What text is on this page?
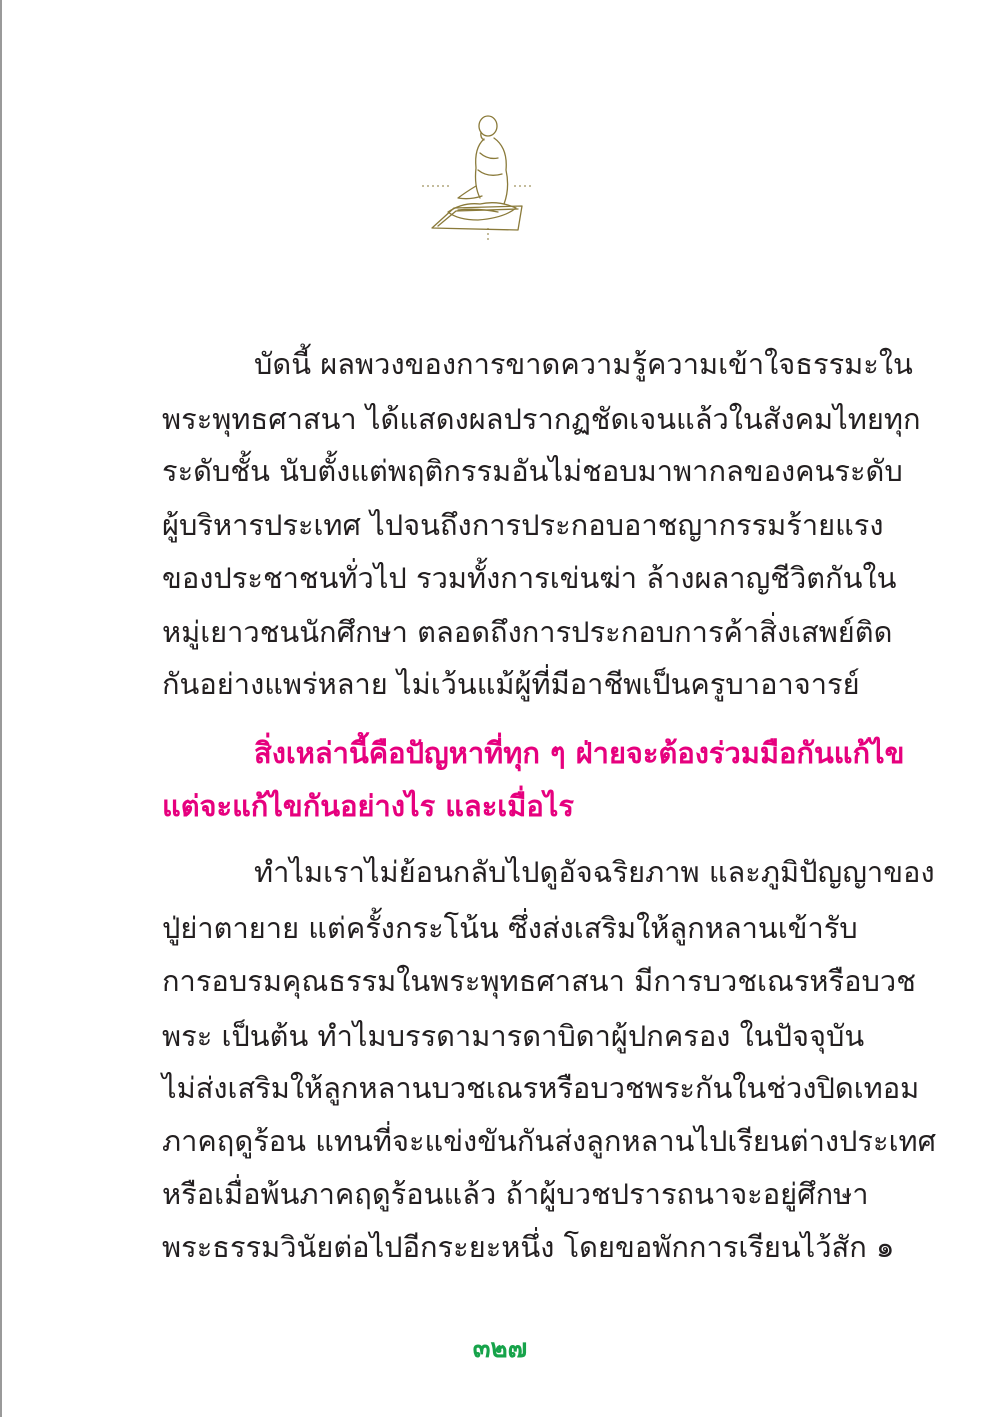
บัดนี้ ผลพวงของการขาดความรู้ความเข้าใจธรรมะใน
พระพุทธศาสนา ได้แสดงผลปรากฏชัดเจนแล้วในสังคมไทยทุก
ระดับชั้น นับตั้งแต่พฤติกรรมอันไม่ชอบมาพากลของคนระดับ
ผู้บริหารประเทศ ไปจนถึงการประกอบอาชญากรรมร้ายแรง
ของประชาชนทั่วไป รวมทั้งการเข่นฆ่า ล้างผลาญชีวิตกันใน
หมู่เยาวชนนักศึกษา ตลอดถึงการประกอบการค้าสิ่งเสพย์ติด
กันอย่างแพร่หลาย ไม่เว้นแม้ผู้ที่มีอาชีพเป็นครูบาอาจารย์
สิ่งเหล่านี้คือปัญหาที่ทุก ๆ ฝ่ายจะต้องร่วมมือกันแก้ไข
แต่จะแก้ไขกันอย่างไร และเมื่อไร
ทำไมเราไม่ย้อนกลับไปดูอัจฉริยภาพ และภูมิปัญญาของ
ปู่ย่าตายาย แต่ครั้งกระโน้น ซึ่งส่งเสริมให้ลูกหลานเข้ารับ
การอบรมคุณธรรมในพระพุทธศาสนา มีการบวชเณรหรือบวช
พระ เป็นต้น ทำไมบรรดามารดาบิดาผู้ปกครอง ในปัจจุบัน
ไม่ส่งเสริมให้ลูกหลานบวชเณรหรือบวชพระกันในช่วงปิดเทอม
ภาคฤดูร้อน แทนที่จะแข่งขันกันส่งลูกหลานไปเรียนต่างประเทศ
หรือเมื่อพ้นภาคฤดูร้อนแล้ว ถ้าผู้บวชปรารถนาจะอยู่ศึกษา
พระธรรมวินัยต่อไปอีกระยะหนึ่ง โดยขอพักการเรียนไว้สัก ๑
๓๒๗
